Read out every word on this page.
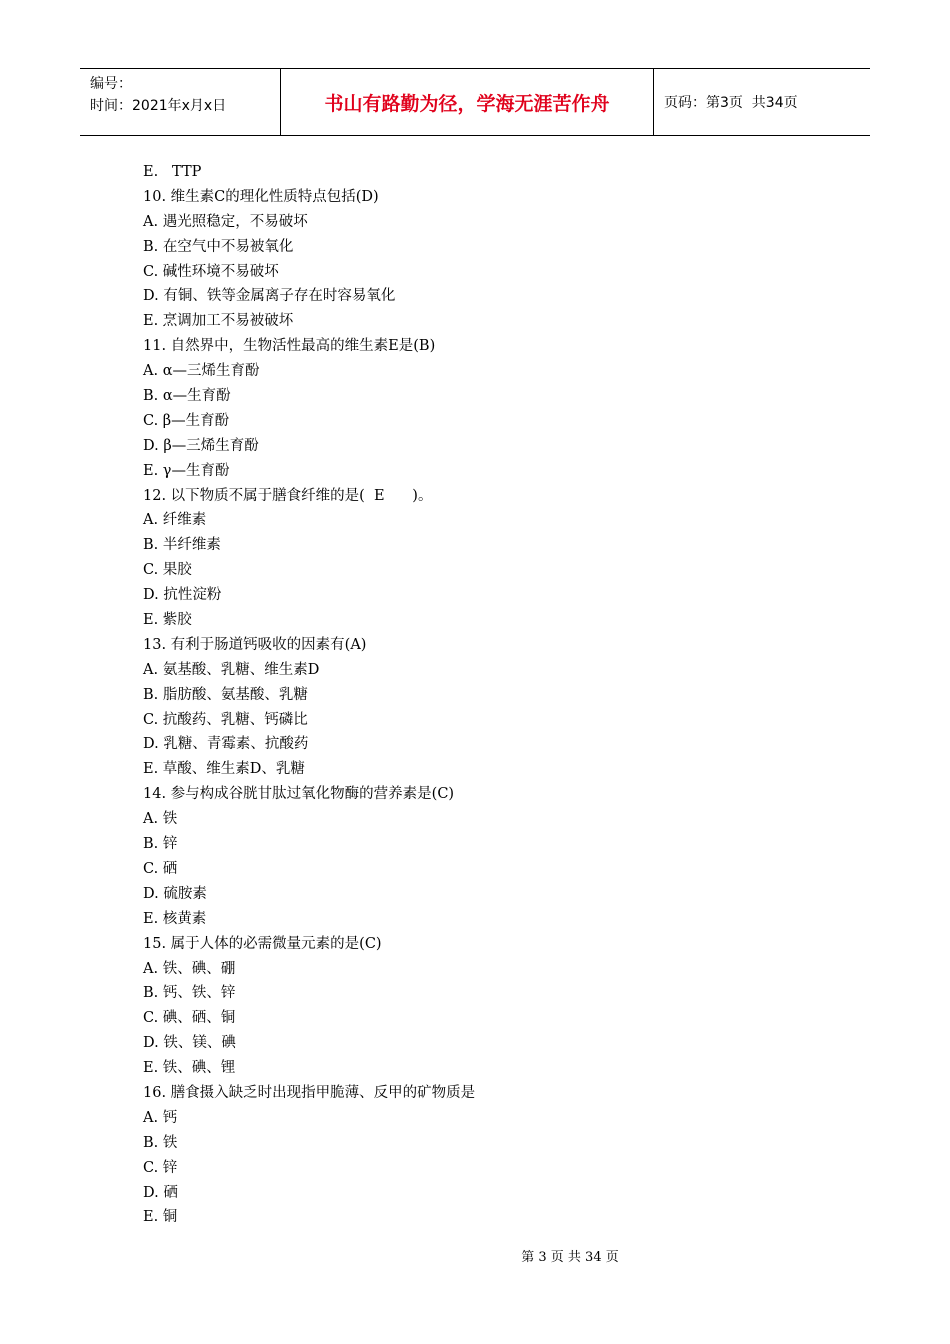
编号：
时间：2021年x月x日	书山有路勤为径，学海无涯苦作舟	页码：第3页  共34页
E.   TTP
10. 维生素C的理化性质特点包括(D)
A. 遇光照稳定，不易破坏
B. 在空气中不易被氧化
C. 碱性环境不易破坏
D. 有铜、铁等金属离子存在时容易氧化
E. 烹调加工不易被破坏
11. 自然界中，生物活性最高的维生素E是(B)
A. α—三烯生育酚
B. α—生育酚
C. β—生育酚
D. β—三烯生育酚
E. γ—生育酚
12. 以下物质不属于膳食纤维的是(  E      )。
A. 纤维素
B. 半纤维素
C. 果胶
D. 抗性淀粉
E. 紫胶
13. 有利于肠道钙吸收的因素有(A)
A. 氨基酸、乳糖、维生素D
B. 脂肪酸、氨基酸、乳糖
C. 抗酸药、乳糖、钙磷比
D. 乳糖、青霉素、抗酸药
E. 草酸、维生素D、乳糖
14. 参与构成谷胱甘肽过氧化物酶的营养素是(C)
A. 铁
B. 锌
C. 硒
D. 硫胺素
E. 核黄素
15. 属于人体的必需微量元素的是(C)
A. 铁、碘、硼
B. 钙、铁、锌
C. 碘、硒、铜
D. 铁、镁、碘
E. 铁、碘、锂
16. 膳食摄入缺乏时出现指甲脆薄、反甲的矿物质是
A. 钙
B. 铁
C. 锌
D. 硒
E. 铜
第 3 页 共 34 页
